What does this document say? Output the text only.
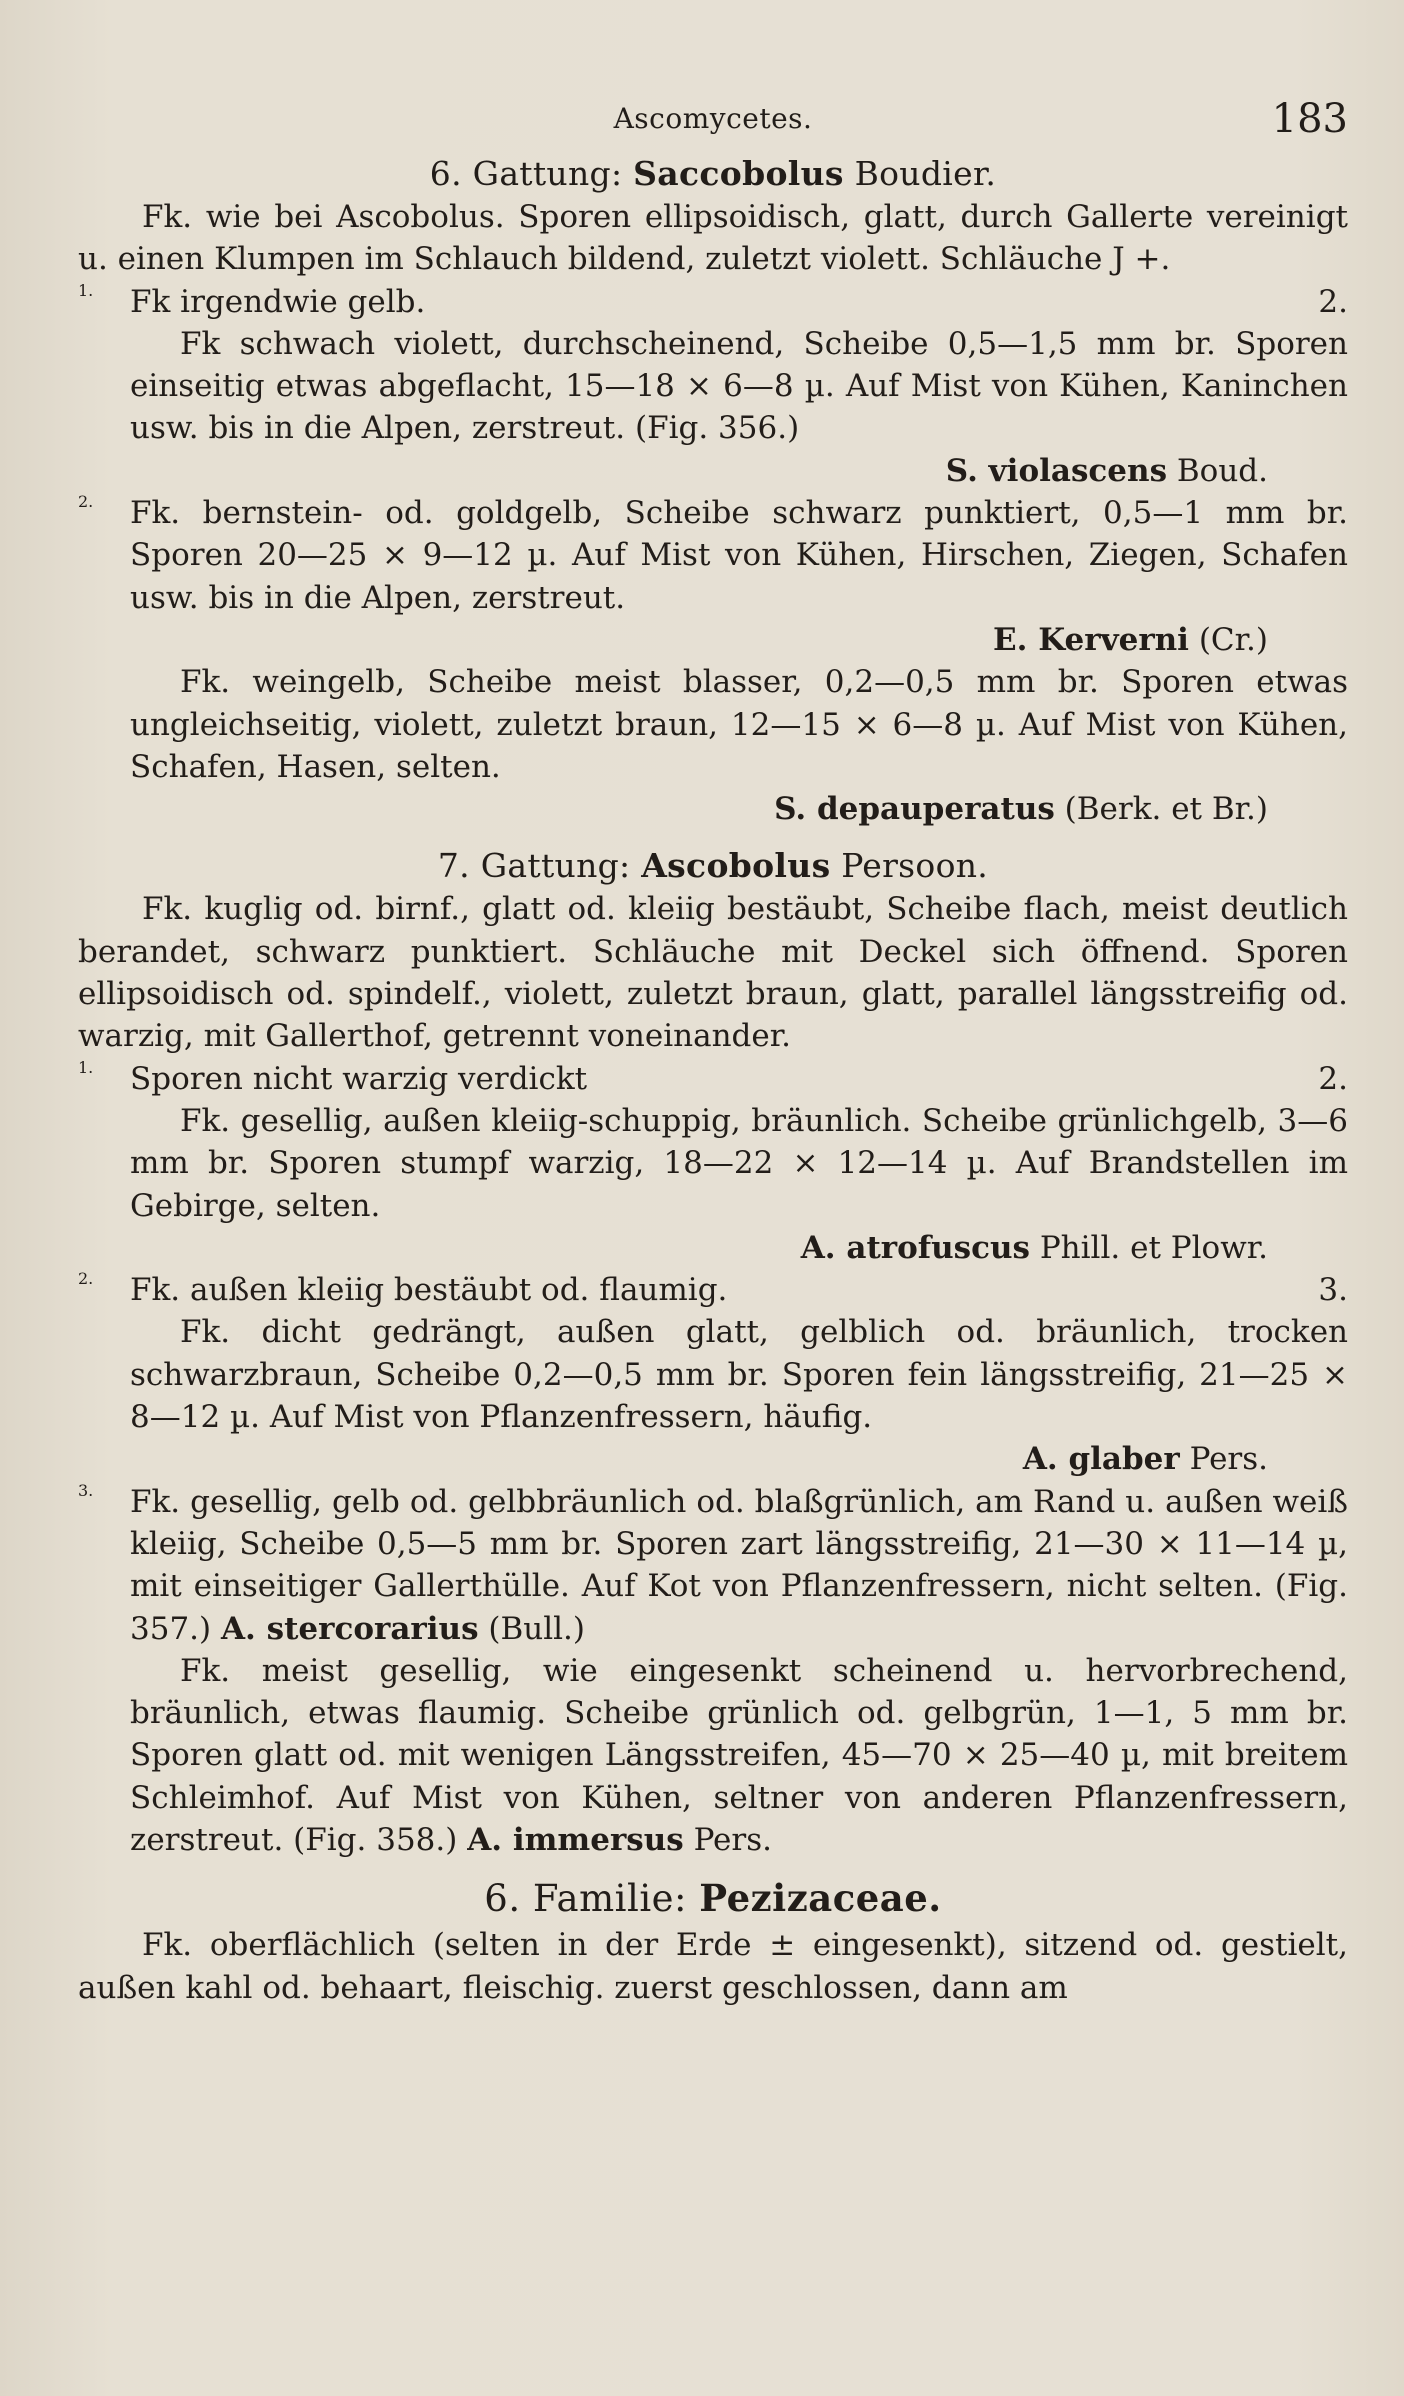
Ascomycetes.	183
6. Gattung: Saccobolus Boudier.

Fk. wie bei Ascobolus. Sporen ellipsoidisch, glatt, durch Gallerte vereinigt u. einen Klumpen im Schlauch bildend, zuletzt violett. Schläuche J +.

1. Fk irgendwie gelb.	2.

Fk schwach violett, durchscheinend, Scheibe 0,5—1,5 mm br. Sporen einseitig etwas abgeflacht, 15—18 × 6—8 µ. Auf Mist von Kühen, Kaninchen usw. bis in die Alpen, zerstreut. (Fig. 356.)

S. violascens Boud.
2. Fk. bernstein- od. goldgelb, Scheibe schwarz punktiert, 0,5—1 mm br. Sporen 20—25 × 9—12 µ. Auf Mist von Kühen, Hirschen, Ziegen, Schafen usw. bis in die Alpen, zerstreut.

E. Kerverni (Cr.)

Fk. weingelb, Scheibe meist blasser, 0,2—0,5 mm br. Sporen etwas ungleichseitig, violett, zuletzt braun, 12—15 × 6—8 µ. Auf Mist von Kühen, Schafen, Hasen, selten.

S. depauperatus (Berk. et Br.)
7. Gattung: Ascobolus Persoon.

Fk. kuglig od. birnf., glatt od. kleiig bestäubt, Scheibe flach, meist deutlich berandet, schwarz punktiert. Schläuche mit Deckel sich öffnend. Sporen ellipsoidisch od. spindelf., violett, zuletzt braun, glatt, parallel längsstreifig od. warzig, mit Gallerthof, getrennt voneinander.

1. Sporen nicht warzig verdickt	2.

Fk. gesellig, außen kleiig-schuppig, bräunlich. Scheibe grünlichgelb, 3—6 mm br. Sporen stumpf warzig, 18—22 × 12—14 µ. Auf Brandstellen im Gebirge, selten.

A. atrofuscus Phill. et Plowr.
2. Fk. außen kleiig bestäubt od. flaumig.	3.

Fk. dicht gedrängt, außen glatt, gelblich od. bräunlich, trocken schwarzbraun, Scheibe 0,2—0,5 mm br. Sporen fein längsstreifig, 21—25 × 8—12 µ. Auf Mist von Pflanzenfressern, häufig.

A. glaber Pers.
3. Fk. gesellig, gelb od. gelbbräunlich od. blaßgrünlich, am Rand u. außen weiß kleiig, Scheibe 0,5—5 mm br. Sporen zart längsstreifig, 21—30 × 11—14 µ, mit einseitiger Gallerthülle. Auf Kot von Pflanzenfressern, nicht selten. (Fig. 357.) A. stercorarius (Bull.)

Fk. meist gesellig, wie eingesenkt scheinend u. hervorbrechend, bräunlich, etwas flaumig. Scheibe grünlich od. gelbgrün, 1—1, 5 mm br. Sporen glatt od. mit wenigen Längsstreifen, 45—70 × 25—40 µ, mit breitem Schleimhof. Auf Mist von Kühen, seltner von anderen Pflanzenfressern, zerstreut. (Fig. 358.) A. immersus Pers.

6. Familie: Pezizaceae.

Fk. oberflächlich (selten in der Erde ± eingesenkt), sitzend od. gestielt, außen kahl od. behaart, fleischig. zuerst geschlossen, dann am
